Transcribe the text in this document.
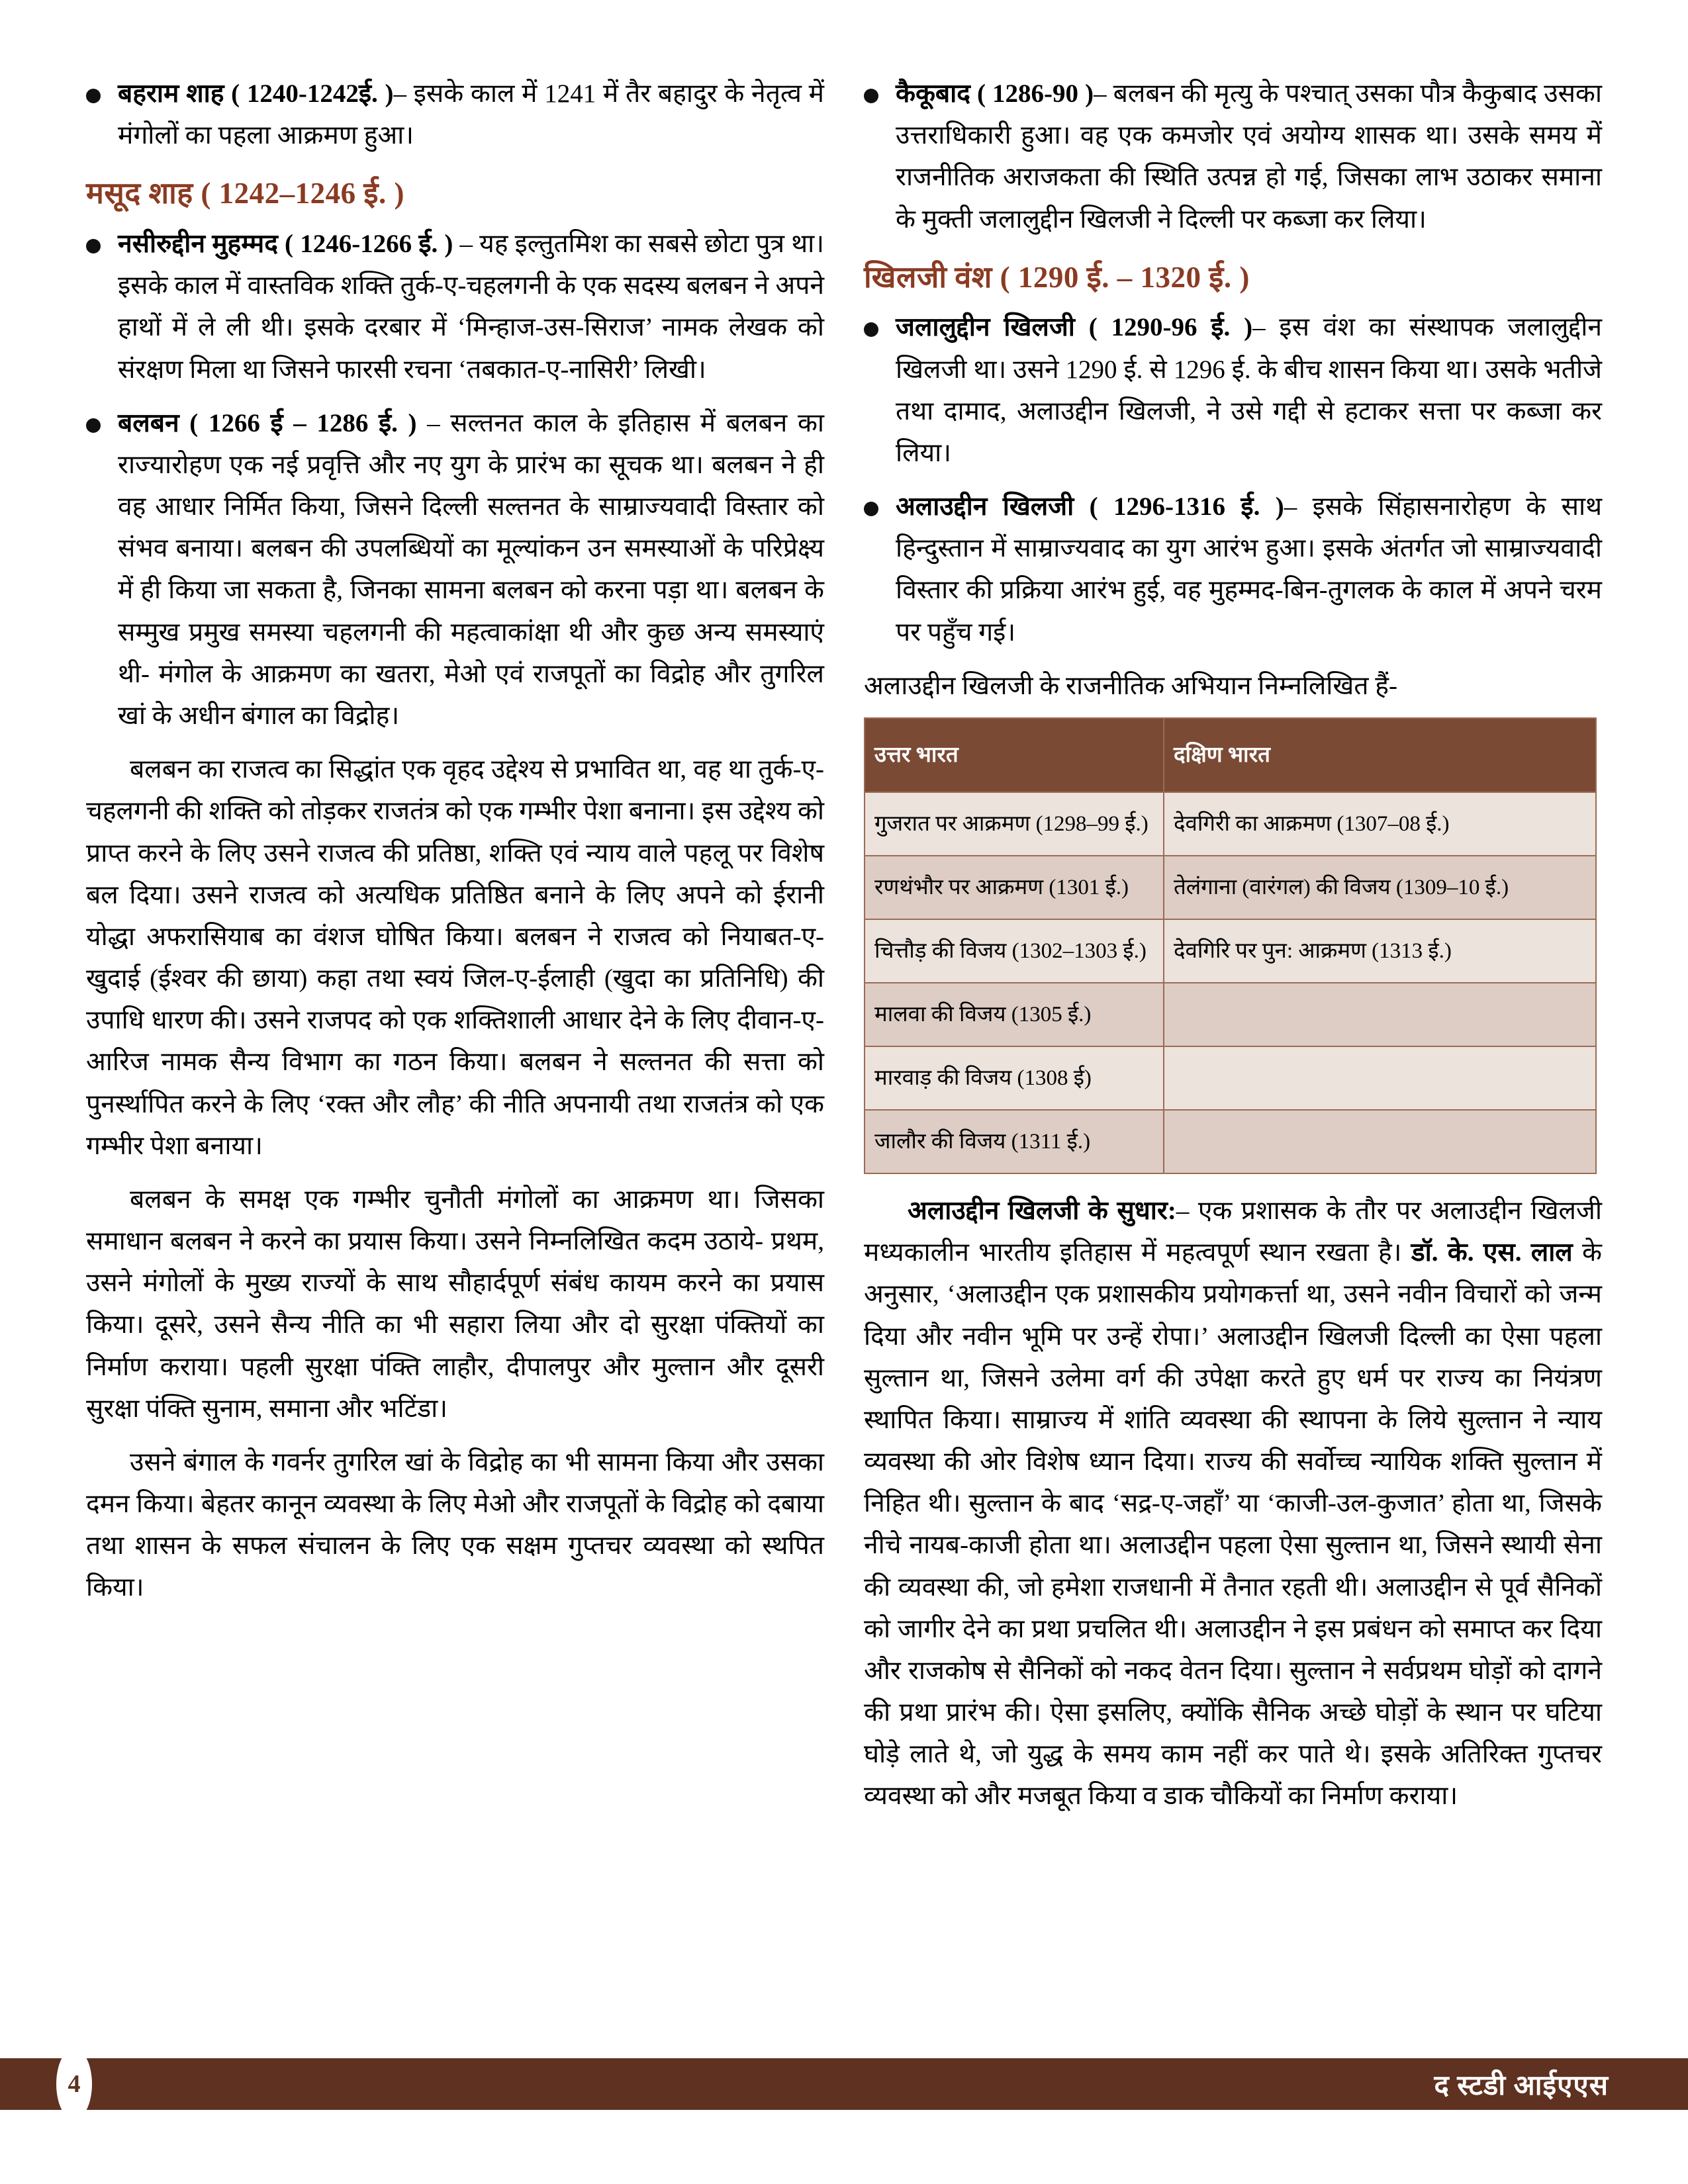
बहराम शाह ( 1240-1242ई. )– इसके काल में 1241 में तैर बहादुर के नेतृत्व में मंगोलों का पहला आक्रमण हुआ।
मसूद शाह ( 1242–1246 ई. )
नसीरुद्दीन मुहम्मद ( 1246-1266 ई. ) – यह इल्तुतमिश का सबसे छोटा पुत्र था। इसके काल में वास्तविक शक्ति तुर्क-ए-चहलगनी के एक सदस्य बलबन ने अपने हाथों में ले ली थी। इसके दरबार में ‘मिन्हाज-उस-सिराज’ नामक लेखक को संरक्षण मिला था जिसने फारसी रचना ‘तबकात-ए-नासिरी’ लिखी।
बलबन ( 1266 ई – 1286 ई. ) – सल्तनत काल के इतिहास में बलबन का राज्यारोहण एक नई प्रवृत्ति और नए युग के प्रारंभ का सूचक था। बलबन ने ही वह आधार निर्मित किया, जिसने दिल्ली सल्तनत के साम्राज्यवादी विस्तार को संभव बनाया। बलबन की उपलब्धियों का मूल्यांकन उन समस्याओं के परिप्रेक्ष्य में ही किया जा सकता है, जिनका सामना बलबन को करना पड़ा था। बलबन के सम्मुख प्रमुख समस्या चहलगनी की महत्वाकांक्षा थी और कुछ अन्य समस्याएं थी- मंगोल के आक्रमण का खतरा, मेओ एवं राजपूतों का विद्रोह और तुगरिल खां के अधीन बंगाल का विद्रोह।

बलबन का राजत्व का सिद्धांत एक वृहद उद्देश्य से प्रभावित था, वह था तुर्क-ए-चहलगनी की शक्ति को तोड़कर राजतंत्र को एक गम्भीर पेशा बनाना। इस उद्देश्य को प्राप्त करने के लिए उसने राजत्व की प्रतिष्ठा, शक्ति एवं न्याय वाले पहलू पर विशेष बल दिया। उसने राजत्व को अत्यधिक प्रतिष्ठित बनाने के लिए अपने को ईरानी योद्धा अफरासियाब का वंशज घोषित किया। बलबन ने राजत्व को नियाबत-ए-खुदाई (ईश्वर की छाया) कहा तथा स्वयं जिल-ए-ईलाही (खुदा का प्रतिनिधि) की उपाधि धारण की। उसने राजपद को एक शक्तिशाली आधार देने के लिए दीवान-ए-आरिज नामक सैन्य विभाग का गठन किया। बलबन ने सल्तनत की सत्ता को पुनर्स्थापित करने के लिए ‘रक्त और लौह’ की नीति अपनायी तथा राजतंत्र को एक गम्भीर पेशा बनाया।

बलबन के समक्ष एक गम्भीर चुनौती मंगोलों का आक्रमण था। जिसका समाधान बलबन ने करने का प्रयास किया। उसने निम्नलिखित कदम उठाये- प्रथम, उसने मंगोलों के मुख्य राज्यों के साथ सौहार्दपूर्ण संबंध कायम करने का प्रयास किया। दूसरे, उसने सैन्य नीति का भी सहारा लिया और दो सुरक्षा पंक्तियों का निर्माण कराया। पहली सुरक्षा पंक्ति लाहौर, दीपालपुर और मुल्तान और दूसरी सुरक्षा पंक्ति सुनाम, समाना और भटिंडा।

उसने बंगाल के गवर्नर तुगरिल खां के विद्रोह का भी सामना किया और उसका दमन किया। बेहतर कानून व्यवस्था के लिए मेओ और राजपूतों के विद्रोह को दबाया तथा शासन के सफल संचालन के लिए एक सक्षम गुप्तचर व्यवस्था को स्थपित किया।

कैकूबाद ( 1286-90 )– बलबन की मृत्यु के पश्चात् उसका पौत्र कैकुबाद उसका उत्तराधिकारी हुआ। वह एक कमजोर एवं अयोग्य शासक था। उसके समय में राजनीतिक अराजकता की स्थिति उत्पन्न हो गई, जिसका लाभ उठाकर समाना के मुक्ती जलालुद्दीन खिलजी ने दिल्ली पर कब्जा कर लिया।
खिलजी वंश ( 1290 ई. – 1320 ई. )
जलालुद्दीन खिलजी ( 1290-96 ई. )– इस वंश का संस्थापक जलालुद्दीन खिलजी था। उसने 1290 ई. से 1296 ई. के बीच शासन किया था। उसके भतीजे तथा दामाद, अलाउद्दीन खिलजी, ने उसे गद्दी से हटाकर सत्ता पर कब्जा कर लिया।
अलाउद्दीन खिलजी ( 1296-1316 ई. )– इसके सिंहासनारोहण के साथ हिन्दुस्तान में साम्राज्यवाद का युग आरंभ हुआ। इसके अंतर्गत जो साम्राज्यवादी विस्तार की प्रक्रिया आरंभ हुई, वह मुहम्मद-बिन-तुगलक के काल में अपने चरम पर पहुँच गई।

अलाउद्दीन खिलजी के राजनीतिक अभियान निम्नलिखित हैं-

उत्तर भारत	दक्षिण भारत
गुजरात पर आक्रमण (1298–99 ई.)	देवगिरी का आक्रमण (1307–08 ई.)
रणथंभौर पर आक्रमण (1301 ई.)	तेलंगाना (वारंगल) की विजय (1309–10 ई.)
चित्तौड़ की विजय (1302–1303 ई.)	देवगिरि पर पुन: आक्रमण (1313 ई.)
मालवा की विजय (1305 ई.)	
मारवाड़ की विजय (1308 ई)	
जालौर की विजय (1311 ई.)	

अलाउद्दीन खिलजी के सुधार:– एक प्रशासक के तौर पर अलाउद्दीन खिलजी मध्यकालीन भारतीय इतिहास में महत्वपूर्ण स्थान रखता है। डॉ. के. एस. लाल के अनुसार, ‘अलाउद्दीन एक प्रशासकीय प्रयोगकर्त्ता था, उसने नवीन विचारों को जन्म दिया और नवीन भूमि पर उन्हें रोपा।’ अलाउद्दीन खिलजी दिल्ली का ऐसा पहला सुल्तान था, जिसने उलेमा वर्ग की उपेक्षा करते हुए धर्म पर राज्य का नियंत्रण स्थापित किया। साम्राज्य में शांति व्यवस्था की स्थापना के लिये सुल्तान ने न्याय व्यवस्था की ओर विशेष ध्यान दिया। राज्य की सर्वोच्च न्यायिक शक्ति सुल्तान में निहित थी। सुल्तान के बाद ‘सद्र-ए-जहाँ’ या ‘काजी-उल-कुजात’ होता था, जिसके नीचे नायब-काजी होता था। अलाउद्दीन पहला ऐसा सुल्तान था, जिसने स्थायी सेना की व्यवस्था की, जो हमेशा राजधानी में तैनात रहती थी। अलाउद्दीन से पूर्व सैनिकों को जागीर देने का प्रथा प्रचलित थी। अलाउद्दीन ने इस प्रबंधन को समाप्त कर दिया और राजकोष से सैनिकों को नकद वेतन दिया। सुल्तान ने सर्वप्रथम घोड़ों को दागने की प्रथा प्रारंभ की। ऐसा इसलिए, क्योंकि सैनिक अच्छे घोड़ों के स्थान पर घटिया घोड़े लाते थे, जो युद्ध के समय काम नहीं कर पाते थे। इसके अतिरिक्त गुप्तचर व्यवस्था को और मजबूत किया व डाक चौकियों का निर्माण कराया।

4	द स्टडी आईएएस
